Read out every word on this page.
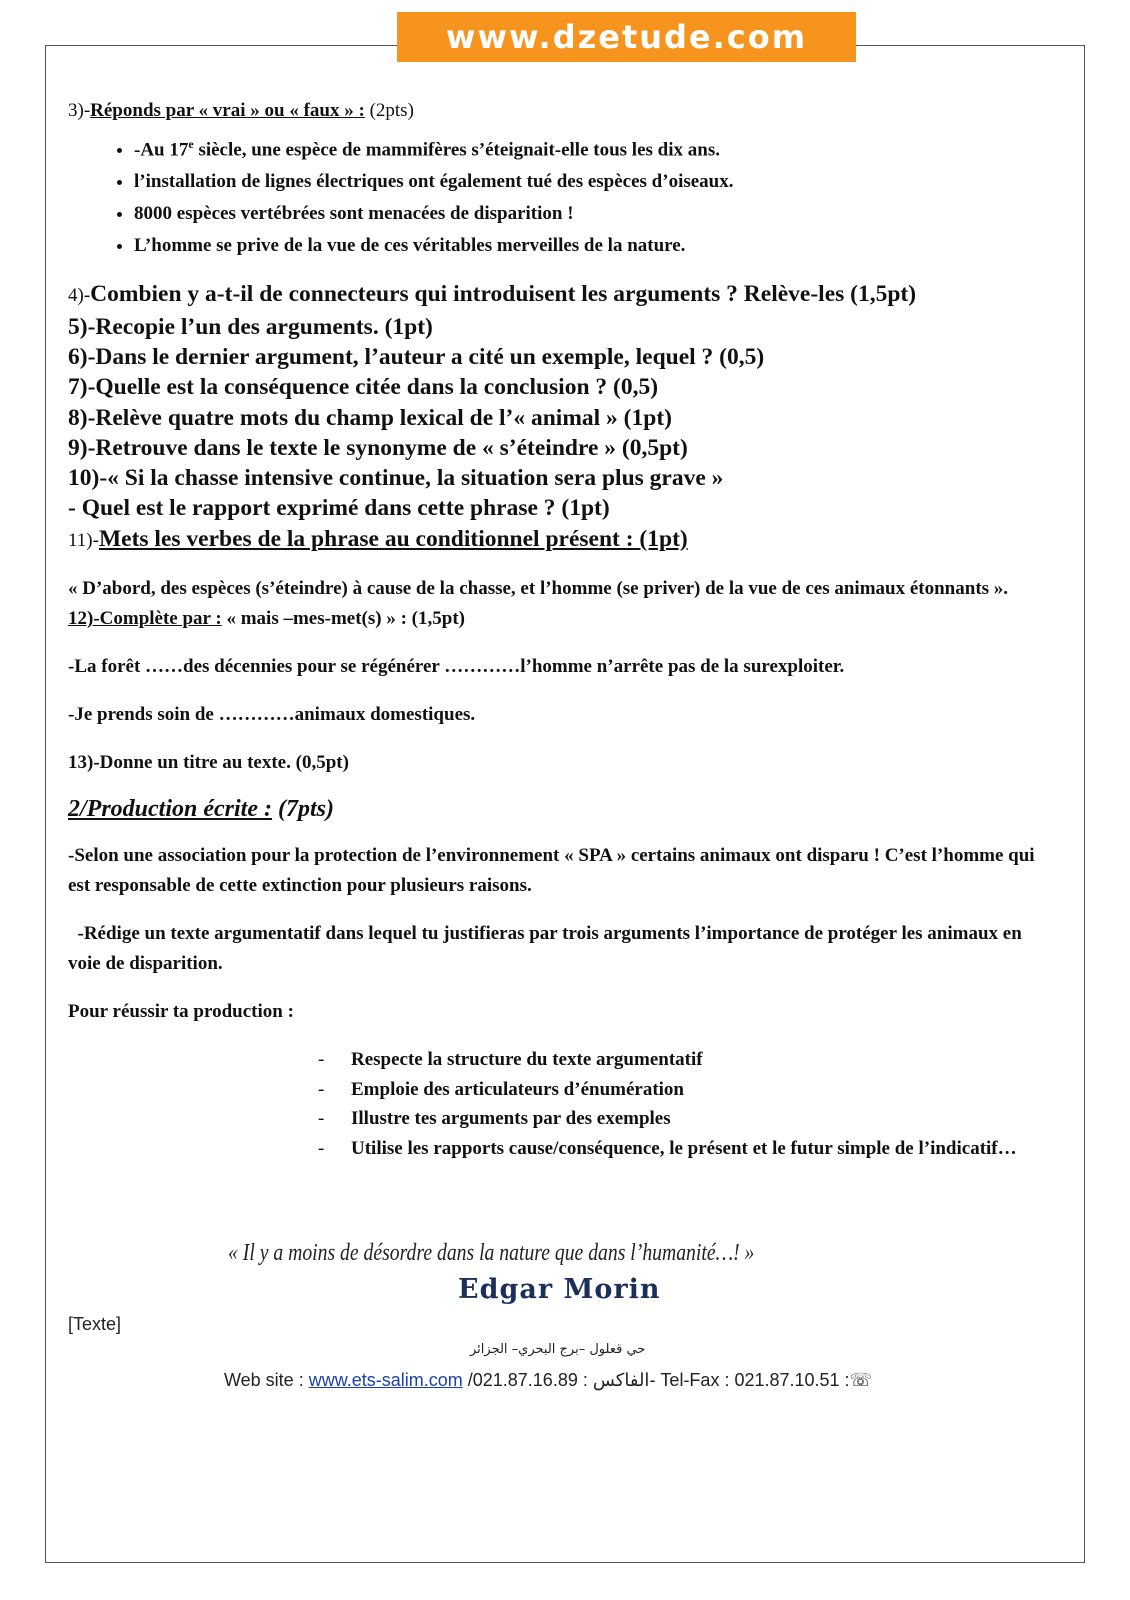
www.dzetude.com

3)-Réponds par « vrai » ou « faux » : (2pts)

• -Au 17e siècle, une espèce de mammifères s’éteignait-elle tous les dix ans.
• l’installation de lignes électriques ont également tué des espèces d’oiseaux.
• 8000 espèces vertébrées sont menacées de disparition !
• L’homme se prive de la vue de ces véritables merveilles de la nature.

4)-Combien y a-t-il de connecteurs qui introduisent les arguments ? Relève-les (1,5pt)

5)-Recopie l’un des arguments. (1pt)

6)-Dans le dernier argument, l’auteur a cité un exemple, lequel ? (0,5)

7)-Quelle est la conséquence citée dans la conclusion ? (0,5)

8)-Relève quatre mots du champ lexical de l’« animal » (1pt)

9)-Retrouve dans le texte le synonyme de « s’éteindre » (0,5pt)

10)-« Si la chasse intensive continue, la situation sera plus grave »

- Quel est le rapport exprimé dans cette phrase ? (1pt)

11)-Mets les verbes de la phrase au conditionnel présent : (1pt)

« D’abord, des espèces (s’éteindre) à cause de la chasse, et l’homme (se priver) de la vue de ces animaux étonnants ».

12)-Complète par : « mais –mes-met(s) » : (1,5pt)

-La forêt ……des décennies pour se régénérer …………l’homme n’arrête pas de la surexploiter.

-Je prends soin de …………animaux domestiques.

13)-Donne un titre au texte. (0,5pt)

2/Production écrite : (7pts)

-Selon une association pour la protection de l’environnement « SPA » certains animaux ont disparu ! C’est l’homme qui est responsable de cette extinction pour plusieurs raisons.

-Rédige un texte argumentatif dans lequel tu justifieras par trois arguments l’importance de protéger les animaux en voie de disparition.

Pour réussir ta production :

- Respecte la structure du texte argumentatif
- Emploie des articulateurs d’énumération
- Illustre tes arguments par des exemples
- Utilise les rapports cause/conséquence, le présent et le futur simple de l’indicatif…
« Il y a moins de désordre dans la nature que dans l’humanité…! »
Edgar Morin
[Texte]
حي قعلول –برج البحري– الجزائر
Web site : www.ets-salim.com /021.87.16.89 : الفاكس- Tel-Fax : 021.87.10.51 :☏
